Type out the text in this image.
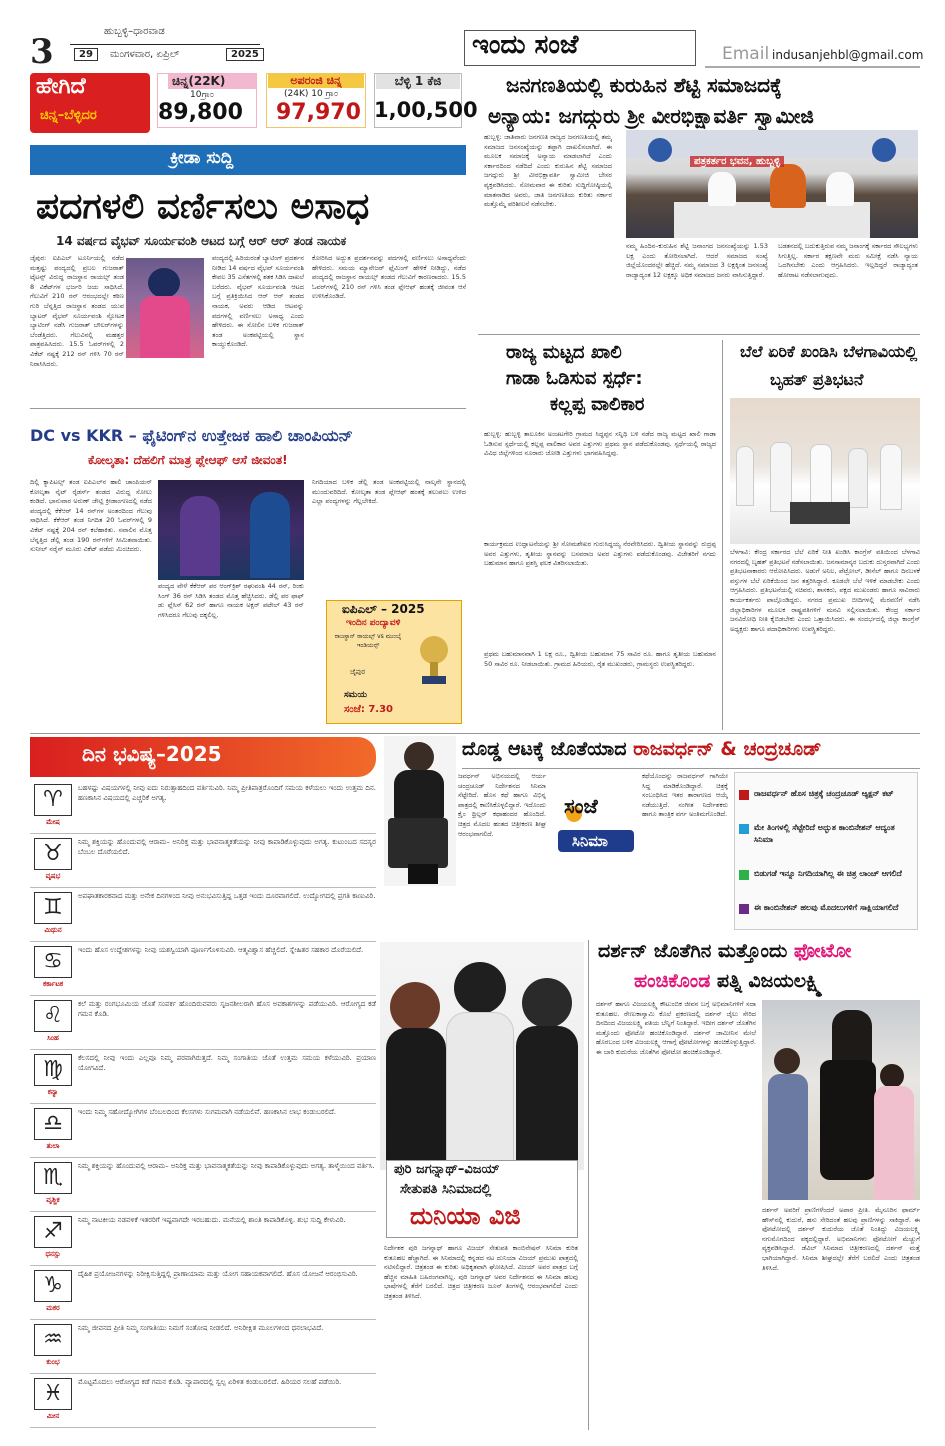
3
ಹುಬ್ಬಳ್ಳಿ–ಧಾರವಾಡ
29	ಮಂಗಳವಾರ, ಏಪ್ರಿಲ್	2025	ಇಂದು ಸಂಜೆ	Email indusanjehbl@gmail.com
ಹೇಗಿದೆ
ಚಿನ್ನ–ಬೆಳ್ಳಿದರ
ಚಿನ್ನ(22K)
10ಗ್ರಾಂ
89,800
ಅಪರಂಜಿ ಚಿನ್ನ
(24K) 10 ಗ್ರಾಂ
97,970
ಬೆಳ್ಳಿ 1 ಕೆಜಿ
1,00,500
ಜನಗಣತಿಯಲ್ಲಿ ಕುರುಹಿನ ಶೆಟ್ಟಿ ಸಮಾಜದಕ್ಕೆ
ಅನ್ಯಾಯ: ಜಗದ್ಗುರು ಶ್ರೀ ವೀರಭಿಕ್ಷಾವರ್ತಿ ಸ್ವಾಮೀಜಿ
ಹುಬ್ಬಳ್ಳಿ: ಜಾತಿವಾರು ಜನಗಣತಿ ರಾಜ್ಯದ ಜನಗಣತಿಯಲ್ಲಿ ತಮ್ಮ ಸಮಾಜದ ಜನಸಂಖ್ಯೆಯನ್ನು ತಪ್ಪಾಗಿ ದಾಖಲಿಸಲಾಗಿದೆ. ಈ ಮೂಲಕ ಸಮಾಜಕ್ಕೆ ಅನ್ಯಾಯ ಮಾಡಲಾಗಿದೆ ಎಂದು ಸರ್ಕಾರದಿಂದ ನಡೆದಿದೆ ಎಂದು ಕುರುಹಿನ ಶೆಟ್ಟಿ ಸಮಾಜದ ಜಗದ್ಗುರು ಶ್ರೀ ವೀರಭಿಕ್ಷಾವರ್ತಿ ಸ್ವಾಮೀಜಿ ಬೇಸರ ವ್ಯಕ್ತಪಡಿಸಿದರು. ಸೋಮವಾರ ಈ ಕುರಿತು ಸುದ್ದಿಗೋಷ್ಠಿಯಲ್ಲಿ ಮಾತನಾಡಿದ ಅವರು, ಜಾತಿ ಜನಗಣತಿಯ ಕುರಿತು ಸರ್ಕಾರ ಮತ್ತೊಮ್ಮೆ ಪರಿಶೀಲನೆ ನಡೆಸಬೇಕು.
ಪತ್ರಕರ್ತರ ಭವನ, ಹುಬ್ಬಳ್ಳಿ
ನಮ್ಮ ಹಿಂದಿನ–ಕುರುಹಿನ ಶೆಟ್ಟಿ ಜನಾಂಗದ ಜನಸಂಖ್ಯೆಯನ್ನು 1.53 ಲಕ್ಷ ಎಂದು ತೋರಿಸಲಾಗಿದೆ. ಆದರೆ ಸಮಾಜದ ಸಂಖ್ಯೆ ಜಿಲ್ಲೆಯೊಂದರಲ್ಲೇ ಹೆಚ್ಚಿದೆ. ನಮ್ಮ ಸಮಾಜದ 3 ಲಕ್ಷಕ್ಕಿಂತ ಜನಸಂಖ್ಯೆ ರಾಜ್ಯಾದ್ಯಂತ 12 ಲಕ್ಷಕ್ಕೂ ಅಧಿಕ ಸಮಾಜದ ಜನರು ವಾಸಿಸುತ್ತಿದ್ದಾರೆ.
ಬಡತನದಲ್ಲಿ ಬದುಕುತ್ತಿರುವ ನಮ್ಮ ಜನಾಂಗಕ್ಕೆ ಸರ್ಕಾರದ ಸೌಲಭ್ಯಗಳು ಸಿಗುತ್ತಿಲ್ಲ. ಸರ್ಕಾರ ತಕ್ಷಣವೇ ಮರು ಸಮೀಕ್ಷೆ ನಡೆಸಿ ನ್ಯಾಯ ಒದಗಿಸಬೇಕು ಎಂದು ಆಗ್ರಹಿಸಿದರು. ಇಲ್ಲದಿದ್ದರೆ ರಾಜ್ಯಾದ್ಯಂತ ಹೋರಾಟ ನಡೆಸಲಾಗುವುದು.
ಕ್ರೀಡಾ ಸುದ್ದಿ
ಪದಗಳಲಿ ವರ್ಣಿಸಲು ಅಸಾಧ
14 ವರ್ಷದ ವೈಭವ್ ಸೂರ್ಯವಂಶಿ ಆಟದ ಬಗ್ಗೆ ಆರ್ ಆರ್ ತಂಡ ನಾಯಕ
ಜೈಪುರ: ಐಪಿಎಲ್ ಟೂರ್ನಿಯಲ್ಲಿ ನಡೆದ ಮತ್ತಷ್ಟು ಪಂದ್ಯದಲ್ಲಿ ಪ್ರಬಲ ಗುಜರಾತ್ ಟೈಟನ್ಸ್ ವಿರುದ್ಧ ರಾಜಸ್ಥಾನ ರಾಯಲ್ಸ್ ತಂಡ 8 ವಿಕೆಟ್‌ಗಳ ಭರ್ಜರಿ ಜಯ ಸಾಧಿಸಿದೆ. ಗೆಲುವಿಗೆ 210 ರನ್ ಆರಂಭದಲ್ಲೇ ಕಠಿಣ ಗುರಿ ಬೆನ್ನತ್ತಿದ ರಾಜಸ್ಥಾನ ತಂಡದ ಯುವ ಬ್ಯಾಟರ್ ವೈಭವ್ ಸೂರ್ಯವಂಶಿ ಸ್ಫೋಟಕ ಬ್ಯಾಟಿಂಗ್ ನಡೆಸಿ ಗುಜರಾತ್ ಬೌಲರ್‌ಗಳನ್ನು ಬೆಂಡೆತ್ತಿದರು. ಗೆಲುವಿನಲ್ಲಿ ಮಹತ್ತರ ಪಾತ್ರವಹಿಸಿದರು. 15.5 ಓವರ್‌ಗಳಲ್ಲಿ 2 ವಿಕೆಟ್ ನಷ್ಟಕ್ಕೆ 212 ರನ್ ಗಳಿಸಿ 70 ರನ್ ನಿರಾಸಿಸಿದರು.
ಪಂದ್ಯದಲ್ಲಿ ಹಿರಿಯರಂತೆ ಬ್ಯಾಟಿಂಗ್ ಪ್ರದರ್ಶನ ನೀಡಿದ 14 ವರ್ಷದ ವೈಭವ್ ಸೂರ್ಯವಂಶಿ ಕೇವಲ 35 ಎಸೆತಗಳಲ್ಲಿ ಶತಕ ಸಿಡಿಸಿ ದಾಖಲೆ ಬರೆದರು. ವೈಭವ್ ಸೂರ್ಯವಂಶಿ ಆಟದ ಬಗ್ಗೆ ಪ್ರತಿಕ್ರಿಯಿಸಿದ ಆರ್ ಆರ್ ತಂಡದ ನಾಯಕ, ಅವರು ಆಡಿದ ಆಟವನ್ನು ಪದಗಳಲ್ಲಿ ವರ್ಣಿಸಲು ಅಸಾಧ್ಯ ಎಂದು ಹೇಳಿದರು. ಈ ಸೋಲಿನ ಬಳಿಕ ಗುಜರಾತ್ ತಂಡ ಅಂಕಪಟ್ಟಿಯಲ್ಲಿ ಸ್ಥಾನ ಕಾಯ್ದುಕೊಂಡಿದೆ.
ಕೋರಿಸಿದ ಅದ್ಭುತ ಪ್ರದರ್ಶನವನ್ನು ಪದಗಳಲ್ಲಿ ವರ್ಣಿಸಲು ಅಸಾಧ್ಯವೆಂದು ಹೇಳಿದರು. ಸಮಯ ಮ್ಯಾನೇಜರ್ ಫ್ಲೆಮಿಂಗ್ ಹೇಳಿಕೆ ನೀಡಿದ್ದು, ನಡೆದ ಪಂದ್ಯದಲ್ಲಿ ರಾಜಸ್ಥಾನ ರಾಯಲ್ಸ್ ತಂಡದ ಗೆಲುವಿಗೆ ಕಾರಣರಾದರು. 15.5 ಓವರ್‌ಗಳಲ್ಲಿ 210 ರನ್ ಗಳಿಸಿ ತಂಡ ಪ್ಲೇಆಫ್ ಹಂತಕ್ಕೆ ಜೀವಂತ ಆಸೆ ಉಳಿಸಿಕೊಂಡಿದೆ.
DC vs KKR – ಫೈಟಿಂಗ್‌ನ ಉತ್ತೇಜಕ ಹಾಲಿ ಚಾಂಪಿಯನ್
ಕೋಲ್ಕತಾ: ದೆಹಲಿಗೆ ಮಾತ್ರ ಪ್ಲೇಆಫ್ ಆಸೆ ಜೀವಂತ!
ದಿಲ್ಲಿ ಕ್ಯಾಪಿಟಲ್ಸ್ ತಂಡ ಐಪಿಎಲ್‌ನ ಹಾಲಿ ಚಾಂಪಿಯನ್ ಕೋಲ್ಕತಾ ನೈಟ್ ರೈಡರ್ಸ್ ತಂಡದ ವಿರುದ್ಧ ಸೋಲು ಕಂಡಿದೆ. ಭಾನುವಾರ ಅರುಣ್ ಜೇಟ್ಲಿ ಕ್ರೀಡಾಂಗಣದಲ್ಲಿ ನಡೆದ ಪಂದ್ಯದಲ್ಲಿ ಕೆಕೆಆರ್ 14 ರನ್‌ಗಳ ಅಂತರದಿಂದ ಗೆಲುವು ಸಾಧಿಸಿದೆ. ಕೆಕೆಆರ್ ತಂಡ ನಿಗದಿತ 20 ಓವರ್‌ಗಳಲ್ಲಿ 9 ವಿಕೆಟ್ ನಷ್ಟಕ್ಕೆ 204 ರನ್ ಕಲೆಹಾಕಿತು. ಸವಾಲಿನ ಮೊತ್ತ ಬೆನ್ನತ್ತಿದ ಡೆಲ್ಲಿ ತಂಡ 190 ರನ್‌ಗಳಿಗೆ ಸೀಮಿತವಾಯಿತು. ಸುನೀಲ್ ನರೈನ್ ಮೂರು ವಿಕೆಟ್ ಪಡೆದು ಮಿಂಚಿದರು.
ಪಂದ್ಯದ ವೇಳೆ ಕೆಕೆಆರ್ ಪರ ಆಂಗ್‌ಕ್ರಿಶ್ ರಘುವಂಶಿ 44 ರನ್, ರಿಂಕು ಸಿಂಗ್ 36 ರನ್ ಸಿಡಿಸಿ ತಂಡದ ಮೊತ್ತ ಹೆಚ್ಚಿಸಿದರು. ಡೆಲ್ಲಿ ಪರ ಫಾಫ್ ಡು ಪ್ಲೆಸಿಸ್ 62 ರನ್ ಹಾಗೂ ನಾಯಕ ಅಕ್ಷರ್ ಪಟೇಲ್ 43 ರನ್ ಗಳಿಸಿದರೂ ಗೆಲುವು ದಕ್ಕಲಿಲ್ಲ.
ನಿಗದಿಯಾದ ಬಳಿಕ ಡೆಲ್ಲಿ ತಂಡ ಅಂಕಪಟ್ಟಿಯಲ್ಲಿ ನಾಲ್ಕನೇ ಸ್ಥಾನದಲ್ಲಿ ಮುಂದುವರಿದಿದೆ. ಕೋಲ್ಕತಾ ತಂಡ ಪ್ಲೇಆಫ್ ಹಂತಕ್ಕೆ ತಲುಪಲು ಉಳಿದ ಎಲ್ಲಾ ಪಂದ್ಯಗಳನ್ನು ಗೆಲ್ಲಬೇಕಿದೆ.
ಐಪಿಎಲ್ – 2025
ಇಂದಿನ ಪಂದ್ಯಾವಳಿ
ರಾಜಸ್ಥಾನ್ ರಾಯಲ್ಸ್ vs ಮುಂಬೈ ಇಂಡಿಯನ್ಸ್
ಜೈಪುರ
ಸಮಯ
ಸಂಜೆ: 7.30
ರಾಜ್ಯ ಮಟ್ಟದ ಖಾಲಿ
ಗಾಡಾ ಓಡಿಸುವ ಸ್ಪರ್ಧೆ:
ಕಲ್ಲಪ್ಪ ವಾಲಿಕಾರ
ಹುಬ್ಬಳ್ಳಿ: ಹುಬ್ಬಳ್ಳಿ ತಾಲೂಕಿನ ಅಂಚಟಗೇರಿ ಗ್ರಾಮದ ಸಿದ್ಧಪ್ಪನ ಸನ್ನಿಧಿ ಬಳಿ ನಡೆದ ರಾಜ್ಯ ಮಟ್ಟದ ಖಾಲಿ ಗಾಡಾ ಓಡಿಸುವ ಸ್ಪರ್ಧೆಯಲ್ಲಿ ಕಲ್ಲಪ್ಪ ವಾಲಿಕಾರ ಅವರ ಎತ್ತುಗಳು ಪ್ರಥಮ ಸ್ಥಾನ ಪಡೆದುಕೊಂಡವು. ಸ್ಪರ್ಧೆಯಲ್ಲಿ ರಾಜ್ಯದ ವಿವಿಧ ಜಿಲ್ಲೆಗಳಿಂದ ನೂರಾರು ಜೋಡಿ ಎತ್ತುಗಳು ಭಾಗವಹಿಸಿದ್ದವು.
ಕಾರ್ಯಕ್ರಮದ ಉದ್ಘಾಟನೆಯನ್ನು ಶ್ರೀ ಸೋಮಶೇಖರ ಗುರುಸಿದ್ಧಯ್ಯ ನೆರವೇರಿಸಿದರು. ದ್ವಿತೀಯ ಸ್ಥಾನವನ್ನು ರುದ್ರಪ್ಪ ಅವರ ಎತ್ತುಗಳು, ತೃತೀಯ ಸ್ಥಾನವನ್ನು ಬಸವರಾಜ ಅವರ ಎತ್ತುಗಳು ಪಡೆದುಕೊಂಡವು. ವಿಜೇತರಿಗೆ ನಗದು ಬಹುಮಾನ ಹಾಗೂ ಪ್ರಶಸ್ತಿ ಫಲಕ ವಿತರಿಸಲಾಯಿತು.
ಪ್ರಥಮ ಬಹುಮಾನವಾಗಿ 1 ಲಕ್ಷ ರೂ., ದ್ವಿತೀಯ ಬಹುಮಾನ 75 ಸಾವಿರ ರೂ. ಹಾಗೂ ತೃತೀಯ ಬಹುಮಾನ 50 ಸಾವಿರ ರೂ. ನೀಡಲಾಯಿತು. ಗ್ರಾಮದ ಹಿರಿಯರು, ರೈತ ಮುಖಂಡರು, ಗ್ರಾಮಸ್ಥರು ಉಪಸ್ಥಿತರಿದ್ದರು.
ಬೆಲೆ ಏರಿಕೆ ಖಂಡಿಸಿ ಬೆಳಗಾವಿಯಲ್ಲಿ
ಬೃಹತ್ ಪ್ರತಿಭಟನೆ
ಬೆಳಗಾವಿ: ಕೇಂದ್ರ ಸರ್ಕಾರದ ಬೆಲೆ ಏರಿಕೆ ನೀತಿ ಖಂಡಿಸಿ ಕಾಂಗ್ರೆಸ್ ವತಿಯಿಂದ ಬೆಳಗಾವಿ ನಗರದಲ್ಲಿ ಬೃಹತ್ ಪ್ರತಿಭಟನೆ ನಡೆಸಲಾಯಿತು. ಜನಸಾಮಾನ್ಯರ ಬದುಕು ದುಸ್ತರವಾಗಿದೆ ಎಂದು ಪ್ರತಿಭಟನಾಕಾರರು ಆರೋಪಿಸಿದರು. ಅಡುಗೆ ಅನಿಲ, ಪೆಟ್ರೋಲ್, ಡೀಸೆಲ್ ಹಾಗೂ ದಿನಬಳಕೆ ವಸ್ತುಗಳ ಬೆಲೆ ಏರಿಕೆಯಿಂದ ಜನ ತತ್ತರಿಸಿದ್ದಾರೆ. ಕೂಡಲೇ ಬೆಲೆ ಇಳಿಕೆ ಮಾಡಬೇಕು ಎಂದು ಆಗ್ರಹಿಸಿದರು. ಪ್ರತಿಭಟನೆಯಲ್ಲಿ ಸಚಿವರು, ಶಾಸಕರು, ಪಕ್ಷದ ಮುಖಂಡರು ಹಾಗೂ ಸಾವಿರಾರು ಕಾರ್ಯಕರ್ತರು ಪಾಲ್ಗೊಂಡಿದ್ದರು. ನಗರದ ಪ್ರಮುಖ ಬೀದಿಗಳಲ್ಲಿ ಮೆರವಣಿಗೆ ನಡೆಸಿ ಜಿಲ್ಲಾಧಿಕಾರಿಗಳ ಮೂಲಕ ರಾಷ್ಟ್ರಪತಿಗಳಿಗೆ ಮನವಿ ಸಲ್ಲಿಸಲಾಯಿತು. ಕೇಂದ್ರ ಸರ್ಕಾರ ಜನವಿರೋಧಿ ನೀತಿ ಕೈಬಿಡಬೇಕು ಎಂದು ಒತ್ತಾಯಿಸಿದರು. ಈ ಸಂದರ್ಭದಲ್ಲಿ ಜಿಲ್ಲಾ ಕಾಂಗ್ರೆಸ್ ಅಧ್ಯಕ್ಷರು ಹಾಗೂ ಪದಾಧಿಕಾರಿಗಳು ಉಪಸ್ಥಿತರಿದ್ದರು.
ದಿನ ಭವಿಷ್ಯ–2025
♈
ಮೇಷ
ಬಹಳಷ್ಟು ವಿಷಯಗಳಲ್ಲಿ ನೀವು ಐದು ನಿರುತ್ಸಾಹದಿಂದ ವರ್ತಿಸುವಿರಿ. ನಿಮ್ಮ ಪ್ರೀತಿಪಾತ್ರರೊಂದಿಗೆ ಸಮಯ ಕಳೆಯಲು ಇಂದು ಉತ್ತಮ ದಿನ. ಹಣಕಾಸಿನ ವಿಷಯದಲ್ಲಿ ಎಚ್ಚರಿಕೆ ಅಗತ್ಯ.
♉
ವೃಷಭ
ನಿಮ್ಮ ಶಕ್ತಿಯನ್ನು ಹೊಂದುವಲ್ಲಿ ಆರಾಮ– ಅನಿರಿಕ್ತ ಮತ್ತು ಭಾವನಾತ್ಮಕತೆಯನ್ನು ನೀವು ಕಾಪಾಡಿಕೊಳ್ಳುವುದು ಅಗತ್ಯ. ಕುಟುಂಬದ ಸದಸ್ಯರ ಬೆಂಬಲ ದೊರೆಯಲಿದೆ.
♊
ಮಿಥುನ
ಅಪಘಾತಕಾರಕವಾದ ಮತ್ತು ಅನೇಕ ದಿನಗಳಿಂದ ನೀವು ಅನುಭವಿಸುತ್ತಿದ್ದ ಒತ್ತಡ ಇಂದು ದೂರವಾಗಲಿದೆ. ಉದ್ಯೋಗದಲ್ಲಿ ಪ್ರಗತಿ ಕಾಣುವಿರಿ.
♋
ಕರ್ಕಾಟಕ
ಇಂದು ಹೊಸ ಉದ್ದೇಶಗಳನ್ನು ನೀವು ಯಶಸ್ವಿಯಾಗಿ ಪೂರ್ಣಗೊಳಿಸುವಿರಿ. ಆತ್ಮವಿಶ್ವಾಸ ಹೆಚ್ಚಲಿದೆ. ಸ್ನೇಹಿತರ ಸಹಕಾರ ದೊರೆಯಲಿದೆ.
♌
ಸಿಂಹ
ಕಲೆ ಮತ್ತು ರಂಗಭೂಮಿಯ ಜೊತೆ ಸಂಪರ್ಕ ಹೊಂದಿರುವವರು ಸೃಜನಶೀಲರಾಗಿ ಹೊಸ ಅವಕಾಶಗಳನ್ನು ಪಡೆಯುವಿರಿ. ಆರೋಗ್ಯದ ಕಡೆ ಗಮನ ಕೊಡಿ.
♍
ಕನ್ಯಾ
ಕೆಲಸದಲ್ಲಿ ನೀವು ಇಂದು ಎಲ್ಲವೂ ನಿಮ್ಮ ಪರವಾಗಿರುತ್ತದೆ. ನಿಮ್ಮ ಸಂಗಾತಿಯ ಜೊತೆ ಉತ್ತಮ ಸಮಯ ಕಳೆಯುವಿರಿ. ಪ್ರಯಾಣ ಯೋಗವಿದೆ.
♎
ತುಲಾ
ಇಂದು ನಿಮ್ಮ ಸಹೋದ್ಯೋಗಿಗಳ ಬೆಂಬಲದಿಂದ ಕೆಲಸಗಳು ಸುಗಮವಾಗಿ ನಡೆಯಲಿವೆ. ಹಣಕಾಸಿನ ಲಾಭ ಕಂಡುಬರಲಿದೆ.
♏
ವೃಶ್ಚಿಕ
ನಿಮ್ಮ ಶಕ್ತಿಯನ್ನು ಹೊಂದುವಲ್ಲಿ ಆರಾಮ– ಅನಿರಿಕ್ತ ಮತ್ತು ಭಾವನಾತ್ಮಕತೆಯನ್ನು ನೀವು ಕಾಪಾಡಿಕೊಳ್ಳುವುದು ಅಗತ್ಯ. ತಾಳ್ಮೆಯಿಂದ ವರ್ತಿಸಿ.
♐
ಧನಸ್ಸು
ನಿಮ್ಮ ನಾಟಕೀಯ ನಡವಳಿಕೆ ಇತರರಿಗೆ ಇಷ್ಟವಾಗದೇ ಇರಬಹುದು. ಮನೆಯಲ್ಲಿ ಶಾಂತಿ ಕಾಪಾಡಿಕೊಳ್ಳಿ. ಶುಭ ಸುದ್ದಿ ಕೇಳುವಿರಿ.
♑
ಮಕರ
ದೈಹಿಕ ಪ್ರಯೋಜನಗಳನ್ನು ನಿರೀಕ್ಷಿಸುತ್ತಿದ್ದಲ್ಲಿ ಪ್ರಾಣಾಯಾಮ ಮತ್ತು ಯೋಗ ಸಹಾಯಕವಾಗಲಿದೆ. ಹೊಸ ಯೋಜನೆ ಆರಂಭಿಸುವಿರಿ.
♒
ಕುಂಭ
ನಿಮ್ಮ ಜೀವನದ ಪ್ರೀತಿ ನಿಮ್ಮ ಸಂಗಾತಿಯು ನಿಮಗೆ ಸಂತೋಷ ನೀಡಲಿದೆ. ಅನಿರೀಕ್ಷಿತ ಮೂಲಗಳಿಂದ ಧನಲಾಭವಿದೆ.
♓
ಮೀನ
ಮೊಟ್ಟಮೊದಲು ಆರೋಗ್ಯದ ಕಡೆ ಗಮನ ಕೊಡಿ. ವ್ಯಾಪಾರದಲ್ಲಿ ಸ್ವಲ್ಪ ಏರಿಳಿತ ಕಂಡುಬರಲಿದೆ. ಹಿರಿಯರ ಸಲಹೆ ಪಡೆಯಿರಿ.
ದೊಡ್ಡ ಆಟಕ್ಕೆ ಜೊತೆಯಾದ ರಾಜವರ್ಧನ್ & ಚಂದ್ರಚೂಡ್
ಜವರ್ಧನ್ ಅಭಿನಯದಲ್ಲಿ ಆರ್ಯ ಚಂದ್ರಚೂಡ್ ನಿರ್ದೇಶನದ ಸಿನಿಮಾ ಸೆಟ್ಟೇರಿದೆ. ಹೊಸ ಕಥೆ ಹಾಗೂ ವಿಭಿನ್ನ ಪಾತ್ರದಲ್ಲಿ ಕಾಣಿಸಿಕೊಳ್ಳಲಿದ್ದಾರೆ. ಇದೊಂದು ಕ್ರೈಂ ಥ್ರಿಲ್ಲರ್ ಕಥಾಹಂದರ ಹೊಂದಿದೆ. ಚಿತ್ರದ ಮೊದಲ ಹಂತದ ಚಿತ್ರೀಕರಣ ಶೀಘ್ರ ಆರಂಭವಾಗಲಿದೆ.
ಸಂಜೆ
ಸಿನಿಮಾ
ಕಥೆಯೊಂದನ್ನು ರಾಜವರ್ಧನ್ ಗಾಗಿಯೇ ಸಿದ್ಧ ಮಾಡಿಕೊಂಡಿದ್ದಾರೆ. ಚಿತ್ರಕ್ಕೆ ಸಂಬಂಧಿಸಿದ ಇತರ ತಾರಾಗಣದ ಆಯ್ಕೆ ನಡೆಯುತ್ತಿದೆ. ಸಂಗೀತ ನಿರ್ದೇಶಕರು ಹಾಗೂ ತಾಂತ್ರಿಕ ವರ್ಗ ಅಂತಿಮಗೊಂಡಿದೆ.
ರಾಜವರ್ಧನ್ ಹೊಸ ಚಿತ್ರಕ್ಕೆ ಚಂದ್ರಚೂಡ್ ಆ್ಯಕ್ಷನ್ ಕಟ್
ಮೇ ತಿಂಗಳಲ್ಲಿ ಸೆಟ್ಟೇರಿದೆ ಅದ್ಭುತ ಕಾಂಬಿನೇಶನ್ ಆದ್ಯಂತ ಸಿನಿಮಾ
ಬಿಡುಗಡೆ ಇನ್ನೂ ನಿಗದಿಯಾಗಿಲ್ಲ ಈ ಚಿತ್ರ ಲಾಂಚ್ ಆಗಲಿದೆ
ಈ ಕಾಂಬಿನೇಶನ್ ಹಲವು ಮೊದಲುಗಳಿಗೆ ಸಾಕ್ಷಿಯಾಗಲಿದೆ
ಪುರಿ ಜಗನ್ನಾಥ್–ವಿಜಯ್
ಸೇತುಪತಿ ಸಿನಿಮಾದಲ್ಲಿ
ದುನಿಯಾ ವಿಜಿ
ನಿರ್ದೇಶಕ ಪುರಿ ಜಗನ್ನಾಥ್ ಹಾಗೂ ವಿಜಯ್ ಸೇತುಪತಿ ಕಾಂಬಿನೇಷನ್ ಸಿನಿಮಾ ಕುರಿತ ಕುತೂಹಲ ಹೆಚ್ಚಾಗಿದೆ. ಈ ಸಿನಿಮಾದಲ್ಲಿ ಕನ್ನಡದ ನಟ ದುನಿಯಾ ವಿಜಯ್ ಪ್ರಮುಖ ಪಾತ್ರದಲ್ಲಿ ನಟಿಸಲಿದ್ದಾರೆ. ಚಿತ್ರತಂಡ ಈ ಕುರಿತು ಅಧಿಕೃತವಾಗಿ ಘೋಷಿಸಿದೆ. ವಿಜಯ್ ಅವರ ಪಾತ್ರದ ಬಗ್ಗೆ ಹೆಚ್ಚಿನ ಮಾಹಿತಿ ಬಹಿರಂಗವಾಗಿಲ್ಲ. ಪುರಿ ಜಗನ್ನಾಥ್ ಅವರ ನಿರ್ದೇಶನದ ಈ ಸಿನಿಮಾ ಹಲವು ಭಾಷೆಗಳಲ್ಲಿ ತೆರೆಗೆ ಬರಲಿದೆ. ಚಿತ್ರದ ಚಿತ್ರೀಕರಣ ಜೂನ್ ತಿಂಗಳಲ್ಲಿ ಆರಂಭವಾಗಲಿದೆ ಎಂದು ಚಿತ್ರತಂಡ ತಿಳಿಸಿದೆ.
ದರ್ಶನ್ ಜೊತೆಗಿನ ಮತ್ತೊಂದು ಫೋಟೋ
ಹಂಚಿಕೊಂಡ ಪತ್ನಿ ವಿಜಯಲಕ್ಷ್ಮಿ
ದರ್ಶನ್ ಹಾಗೂ ವಿಜಯಲಕ್ಷ್ಮಿ ಕೌಟುಂಬಿಕ ಜೀವನ ಬಗ್ಗೆ ಅಭಿಮಾನಿಗಳಿಗೆ ಸದಾ ಕುತೂಹಲ. ರೇಣುಕಾಸ್ವಾಮಿ ಕೊಲೆ ಪ್ರಕರಣದಲ್ಲಿ ದರ್ಶನ್ ಜೈಲು ಸೇರಿದ ದಿನದಿಂದ ವಿಜಯಲಕ್ಷ್ಮಿ ಪತಿಯ ಬೆನ್ನಿಗೆ ನಿಂತಿದ್ದಾರೆ. ಇದೀಗ ದರ್ಶನ್ ಜೊತೆಗಿನ ಮತ್ತೊಂದು ಫೋಟೋ ಹಂಚಿಕೊಂಡಿದ್ದಾರೆ. ದರ್ಶನ್ ಜಾಮೀನಿನ ಮೇಲೆ ಹೊರಬಂದ ಬಳಿಕ ವಿಜಯಲಕ್ಷ್ಮಿ ಆಗಾಗ್ಗೆ ಫೋಟೋಗಳನ್ನು ಹಂಚಿಕೊಳ್ಳುತ್ತಿದ್ದಾರೆ. ಈ ಬಾರಿ ಕುದುರೆಯ ಜೊತೆಗಿನ ಫೋಟೋ ಹಂಚಿಕೊಂಡಿದ್ದಾರೆ.
ದರ್ಶನ್ ಅವರಿಗೆ ಪ್ರಾಣಿಗಳೆಂದರೆ ಅಪಾರ ಪ್ರೀತಿ. ಮೈಸೂರಿನ ಫಾರ್ಮ್ ಹೌಸ್‌ನಲ್ಲಿ ಕುದುರೆ, ಹಸು ಸೇರಿದಂತೆ ಹಲವು ಪ್ರಾಣಿಗಳನ್ನು ಸಾಕಿದ್ದಾರೆ. ಈ ಫೋಟೋದಲ್ಲಿ ದರ್ಶನ್ ಕುದುರೆಯ ಜೊತೆ ನಿಂತಿದ್ದು ವಿಜಯಲಕ್ಷ್ಮಿ ನಗುಮೊಗದಿಂದ ಪಕ್ಕದಲ್ಲಿದ್ದಾರೆ. ಅಭಿಮಾನಿಗಳು ಫೋಟೋಗೆ ಮೆಚ್ಚುಗೆ ವ್ಯಕ್ತಪಡಿಸಿದ್ದಾರೆ. ಡೆವಿಲ್ ಸಿನಿಮಾದ ಚಿತ್ರೀಕರಣದಲ್ಲಿ ದರ್ಶನ್ ಮತ್ತೆ ಭಾಗಿಯಾಗಿದ್ದಾರೆ. ಸಿನಿಮಾ ಶೀಘ್ರದಲ್ಲೇ ತೆರೆಗೆ ಬರಲಿದೆ ಎಂದು ಚಿತ್ರತಂಡ ತಿಳಿಸಿದೆ.
